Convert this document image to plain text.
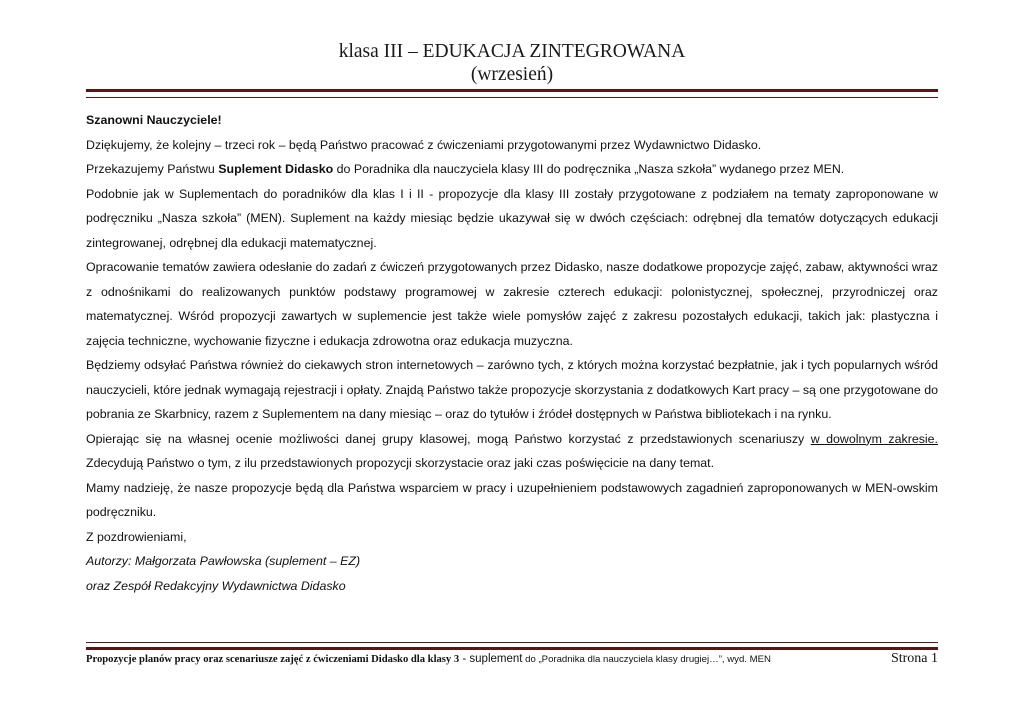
klasa III – EDUKACJA ZINTEGROWANA
(wrzesień)

Szanowni Nauczyciele!

Dziękujemy, że kolejny – trzeci rok – będą Państwo pracować z ćwiczeniami przygotowanymi przez Wydawnictwo Didasko.

Przekazujemy Państwu Suplement Didasko do Poradnika dla nauczyciela klasy III do podręcznika „Nasza szkoła” wydanego przez MEN.

Podobnie jak w Suplementach do poradników dla klas I i II - propozycje dla klasy III zostały przygotowane z podziałem na tematy zaproponowane w podręczniku „Nasza szkoła” (MEN). Suplement na każdy miesiąc będzie ukazywał się w dwóch częściach: odrębnej dla tematów dotyczących edukacji zintegrowanej, odrębnej dla edukacji matematycznej.

Opracowanie tematów zawiera odesłanie do zadań z ćwiczeń przygotowanych przez Didasko, nasze dodatkowe propozycje zajęć, zabaw, aktywności wraz z odnośnikami do realizowanych punktów podstawy programowej w zakresie czterech edukacji: polonistycznej, społecznej, przyrodniczej oraz matematycznej. Wśród propozycji zawartych w suplemencie jest także wiele pomysłów zajęć z zakresu pozostałych edukacji, takich jak: plastyczna i zajęcia techniczne, wychowanie fizyczne i edukacja zdrowotna oraz edukacja muzyczna.

Będziemy odsyłać Państwa również do ciekawych stron internetowych – zarówno tych, z których można korzystać bezpłatnie, jak i tych popularnych wśród nauczycieli, które jednak wymagają rejestracji i opłaty. Znajdą Państwo także propozycje skorzystania z dodatkowych Kart pracy – są one przygotowane do pobrania ze Skarbnicy, razem z Suplementem na dany miesiąc – oraz do tytułów i źródeł dostępnych w Państwa bibliotekach i na rynku.

Opierając się na własnej ocenie możliwości danej grupy klasowej, mogą Państwo korzystać z przedstawionych scenariuszy w dowolnym zakresie. Zdecydują Państwo o tym, z ilu przedstawionych propozycji skorzystacie oraz jaki czas poświęcicie na dany temat.

Mamy nadzieję, że nasze propozycje będą dla Państwa wsparciem w pracy i uzupełnieniem podstawowych zagadnień zaproponowanych w MEN-owskim podręczniku.

Z pozdrowieniami,

Autorzy: Małgorzata Pawłowska (suplement – EZ)

oraz Zespół Redakcyjny Wydawnictwa Didasko

Propozycje planów pracy oraz scenariusze zajęć z ćwiczeniami Didasko dla klasy 3 - suplement do „Poradnika dla nauczyciela klasy drugiej…”, wyd. MEN	Strona 1
